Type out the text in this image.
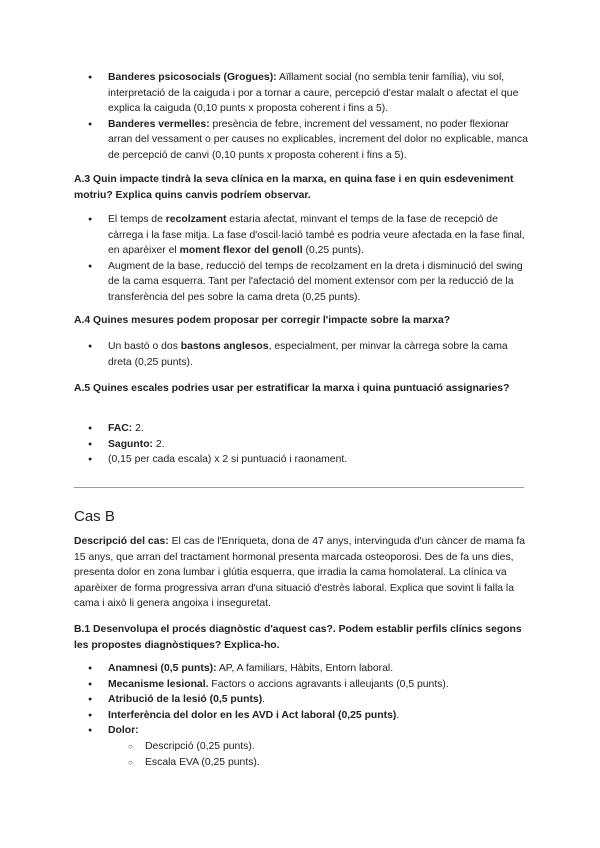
● Banderes psicosocials (Grogues): Aïllament social (no sembla tenir família), viu sol, interpretació de la caiguda i por a tornar a caure, percepció d'estar malalt o afectat el que explica la caiguda (0,10 punts x proposta coherent i fins a 5).
● Banderes vermelles: presència de febre, increment del vessament, no poder flexionar arran del vessament o per causes no explicables, increment del dolor no explicable, manca de percepció de canvi (0,10 punts x proposta coherent i fins a 5).
A.3 Quin impacte tindrà la seva clínica en la marxa, en quina fase i en quin esdeveniment motriu? Explica quins canvis podríem observar.
● El temps de recolzament estaria afectat, minvant el temps de la fase de recepció de càrrega i la fase mitja. La fase d'oscil·lació també es podria veure afectada en la fase final, en aparèixer el moment flexor del genoll (0,25 punts).
● Augment de la base, reducció del temps de recolzament en la dreta i disminució del swing de la cama esquerra. Tant per l'afectació del moment extensor com per la reducció de la transferència del pes sobre la cama dreta (0,25 punts).
A.4 Quines mesures podem proposar per corregir l'impacte sobre la marxa?
● Un bastó o dos bastons anglesos, especialment, per minvar la càrrega sobre la cama dreta (0,25 punts).
A.5 Quines escales podries usar per estratificar la marxa i quina puntuació assignaries?
● FAC: 2.
● Sagunto: 2.
● (0,15 per cada escala) x 2 si puntuació i raonament.
Cas B
Descripció del cas: El cas de l'Enriqueta, dona de 47 anys, intervinguda d'un càncer de mama fa 15 anys, que arran del tractament hormonal presenta marcada osteoporosi. Des de fa uns dies, presenta dolor en zona lumbar i glútia esquerra, que irradia la cama homolateral. La clínica va aparèixer de forma progressiva arran d'una situació d'estrès laboral. Explica que sovint li falla la cama i això li genera angoixa i inseguretat.
B.1 Desenvolupa el procés diagnòstic d'aquest cas?. Podem establir perfils clínics segons les propostes diagnòstiques? Explica-ho.
● Anamnesi (0,5 punts): AP, A familiars, Hàbits, Entorn laboral.
● Mecanisme lesional. Factors o accions agravants i alleujants (0,5 punts).
● Atribució de la lesió (0,5 punts).
● Interferència del dolor en les AVD i Act laboral (0,25 punts).
● Dolor:
○ Descripció (0,25 punts).
○ Escala EVA (0,25 punts).
